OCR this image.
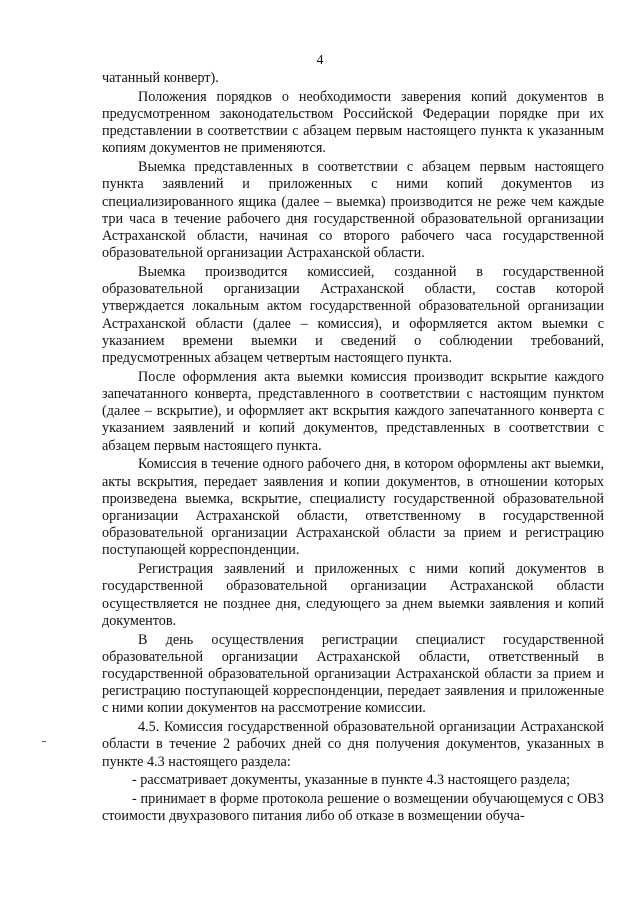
4

чатанный конверт).

Положения порядков о необходимости заверения копий документов в предусмотренном законодательством Российской Федерации порядке при их представлении в соответствии с абзацем первым настоящего пункта к указанным копиям документов не применяются.

Выемка представленных в соответствии с абзацем первым настоящего пункта заявлений и приложенных с ними копий документов из специализированного ящика (далее – выемка) производится не реже чем каждые три часа в течение рабочего дня государственной образовательной организации Астраханской области, начиная со второго рабочего часа государственной образовательной организации Астраханской области.

Выемка производится комиссией, созданной в государственной образовательной организации Астраханской области, состав которой утверждается локальным актом государственной образовательной организации Астраханской области (далее – комиссия), и оформляется актом выемки с указанием времени выемки и сведений о соблюдении требований, предусмотренных абзацем четвертым настоящего пункта.

После оформления акта выемки комиссия производит вскрытие каждого запечатанного конверта, представленного в соответствии с настоящим пунктом (далее – вскрытие), и оформляет акт вскрытия каждого запечатанного конверта с указанием заявлений и копий документов, представленных в соответствии с абзацем первым настоящего пункта.

Комиссия в течение одного рабочего дня, в котором оформлены акт выемки, акты вскрытия, передает заявления и копии документов, в отношении которых произведена выемка, вскрытие, специалисту государственной образовательной организации Астраханской области, ответственному в государственной образовательной организации Астраханской области за прием и регистрацию поступающей корреспонденции.

Регистрация заявлений и приложенных с ними копий документов в государственной образовательной организации Астраханской области осуществляется не позднее дня, следующего за днем выемки заявления и копий документов.

В день осуществления регистрации специалист государственной образовательной организации Астраханской области, ответственный в государственной образовательной организации Астраханской области за прием и регистрацию поступающей корреспонденции, передает заявления и приложенные с ними копии документов на рассмотрение комиссии.

4.5. Комиссия государственной образовательной организации Астраханской области в течение 2 рабочих дней со дня получения документов, указанных в пункте 4.3 настоящего раздела:

- рассматривает документы, указанные в пункте 4.3 настоящего раздела;

- принимает в форме протокола решение о возмещении обучающемуся с ОВЗ стоимости двухразового питания либо об отказе в возмещении обуча-
